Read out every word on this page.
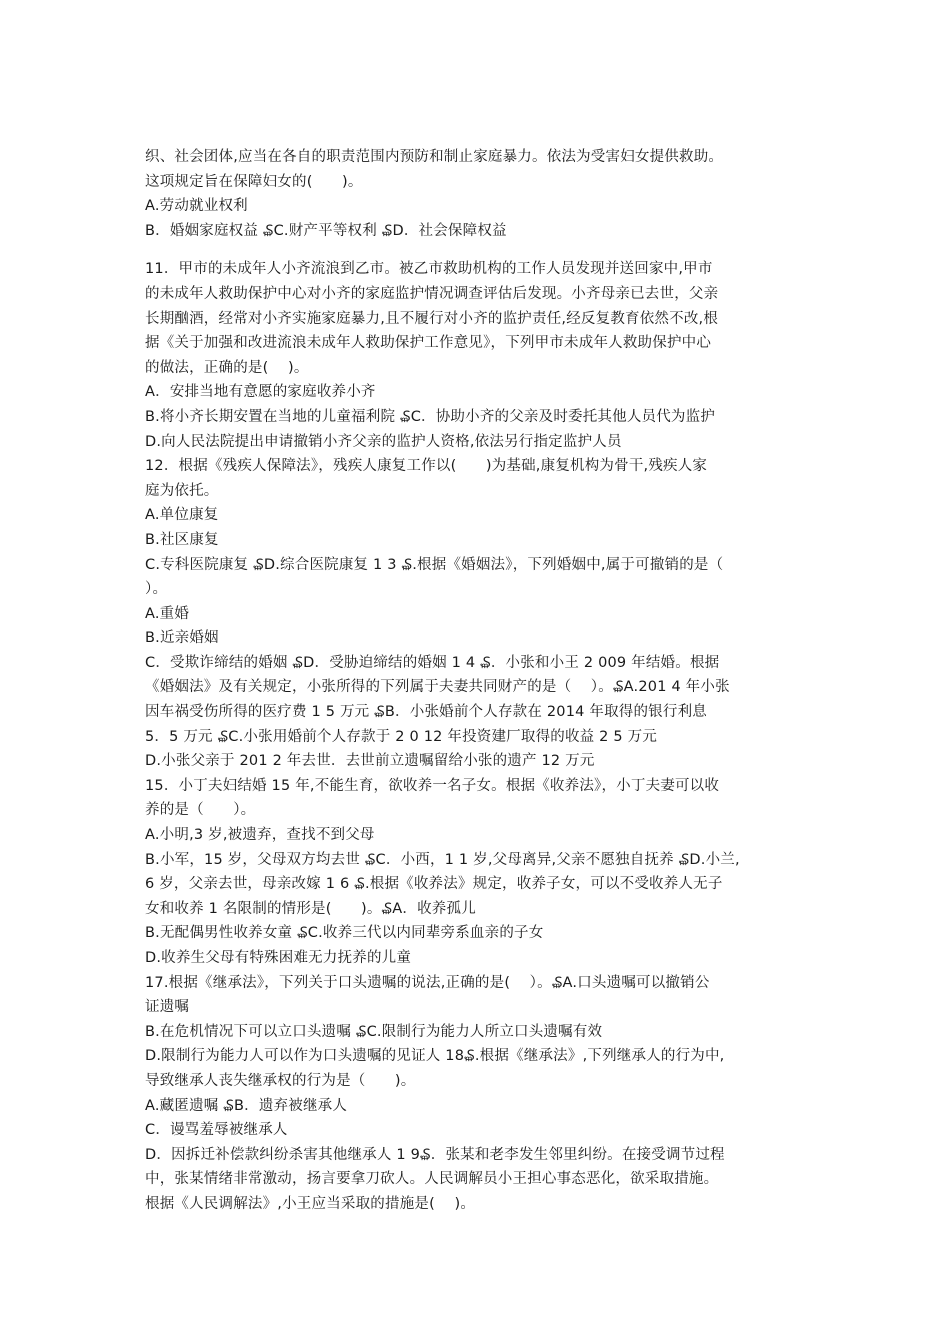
织、社会团体,应当在各自的职责范围内预防和制止家庭暴力。依法为受害妇女提供救助。
这项规定旨在保障妇女的(　　)。
A.劳动就业权利
B．婚姻家庭权益 ₷C.财产平等权利 ₷D．社会保障权益
11．甲市的未成年人小齐流浪到乙市。被乙市救助机构的工作人员发现并送回家中,甲市
的未成年人救助保护中心对小齐的家庭监护情况调查评估后发现。小齐母亲已去世，父亲
长期酗酒，经常对小齐实施家庭暴力,且不履行对小齐的监护责任,经反复教育依然不改,根
据《关于加强和改进流浪未成年人救助保护工作意见》，下列甲市未成年人救助保护中心
的做法，正确的是(　 )。
A．安排当地有意愿的家庭收养小齐
B.将小齐长期安置在当地的儿童福利院 ₷C．协助小齐的父亲及时委托其他人员代为监护
D.向人民法院提出申请撤销小齐父亲的监护人资格,依法另行指定监护人员
12．根据《残疾人保障法》，残疾人康复工作以(　　)为基础,康复机构为骨干,残疾人家
庭为依托。
A.单位康复
B.社区康复
C.专科医院康复 ₷D.综合医院康复 1 3 ₷.根据《婚姻法》，下列婚姻中,属于可撤销的是（
）。
A.重婚
B.近亲婚姻
C．受欺诈缔结的婚姻 ₷D．受胁迫缔结的婚姻 1 4 ₷．小张和小王 2 009 年结婚。根据
《婚姻法》及有关规定，小张所得的下列属于夫妻共同财产的是（　 ）。₷A.201 4 年小张
因车祸受伤所得的医疗费 1 5 万元 ₷B．小张婚前个人存款在 2014 年取得的银行利息
5．5 万元 ₷C.小张用婚前个人存款于 2 0 12 年投资建厂取得的收益 2 5 万元
D.小张父亲于 201 2 年去世．去世前立遗嘱留给小张的遗产 12 万元
15．小丁夫妇结婚 15 年,不能生育，欲收养一名子女。根据《收养法》，小丁夫妻可以收
养的是（　　）。
A.小明,3 岁,被遗弃，查找不到父母
B.小军，15 岁，父母双方均去世 ₷C．小西，1 1 岁,父母离异,父亲不愿独自抚养 ₷D.小兰,
6 岁，父亲去世，母亲改嫁 1 6 ₷.根据《收养法》规定，收养子女，可以不受收养人无子
女和收养 1 名限制的情形是(　　)。₷A．收养孤儿
B.无配偶男性收养女童 ₷C.收养三代以内同辈旁系血亲的子女
D.收养生父母有特殊困难无力抚养的儿童
17.根据《继承法》，下列关于口头遗嘱的说法,正确的是(　 ）。₷A.口头遗嘱可以撤销公
证遗嘱
B.在危机情况下可以立口头遗嘱 ₷C.限制行为能力人所立口头遗嘱有效
D.限制行为能力人可以作为口头遗嘱的见证人 18₷.根据《继承法》,下列继承人的行为中,
导致继承人丧失继承权的行为是（　　)。
A.藏匿遗嘱 ₷B．遗弃被继承人
C．谩骂羞辱被继承人
D．因拆迁补偿款纠纷杀害其他继承人 1 9₷．张某和老李发生邻里纠纷。在接受调节过程
中，张某情绪非常激动，扬言要拿刀砍人。人民调解员小王担心事态恶化，欲采取措施。
根据《人民调解法》,小王应当采取的措施是(　 )。
